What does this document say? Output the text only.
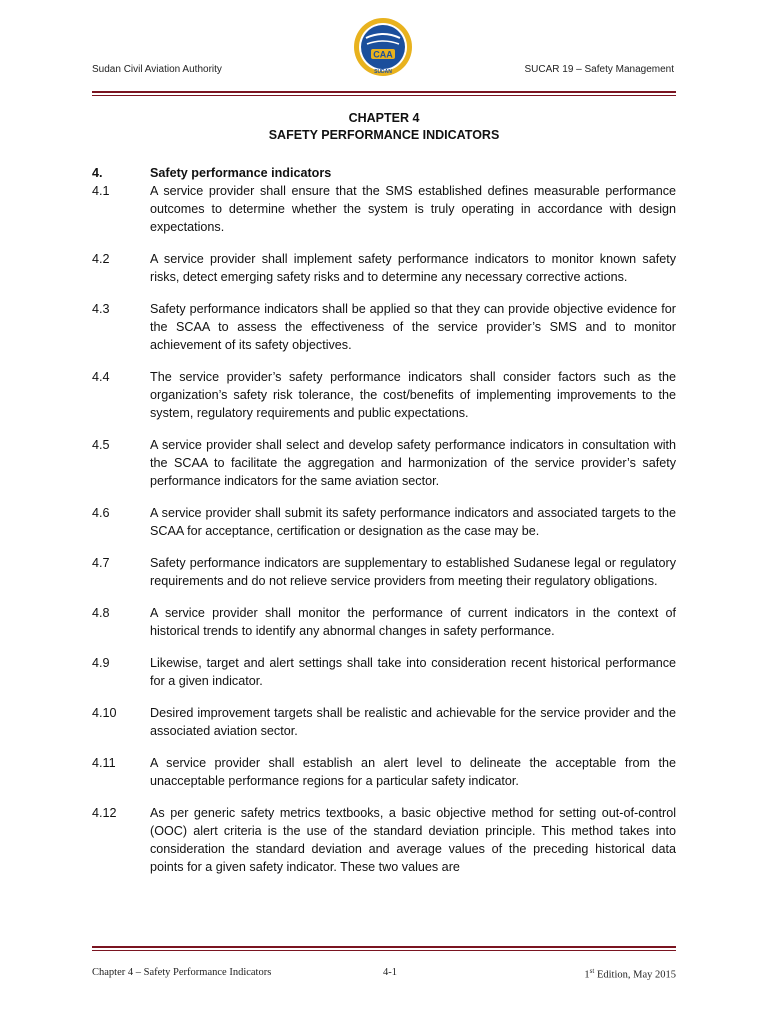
Sudan Civil Aviation Authority
CAA
SUDAN	SUCAR 19 – Safety Management
CHAPTER 4
SAFETY PERFORMANCE INDICATORS
4.	Safety performance indicators
4.1	A service provider shall ensure that the SMS established defines measurable performance outcomes to determine whether the system is truly operating in accordance with design expectations.
4.2	A service provider shall implement safety performance indicators to monitor known safety risks, detect emerging safety risks and to determine any necessary corrective actions.
4.3	Safety performance indicators shall be applied so that they can provide objective evidence for the SCAA to assess the effectiveness of the service provider’s SMS and to monitor achievement of its safety objectives.
4.4	The service provider’s safety performance indicators shall consider factors such as the organization’s safety risk tolerance, the cost/benefits of implementing improvements to the system, regulatory requirements and public expectations.
4.5	A service provider shall select and develop safety performance indicators in consultation with the SCAA to facilitate the aggregation and harmonization of the service provider’s safety performance indicators for the same aviation sector.
4.6	A service provider shall submit its safety performance indicators and associated targets to the SCAA for acceptance, certification or designation as the case may be.
4.7	Safety performance indicators are supplementary to established Sudanese legal or regulatory requirements and do not relieve service providers from meeting their regulatory obligations.
4.8	A service provider shall monitor the performance of current indicators in the context of historical trends to identify any abnormal changes in safety performance.
4.9	Likewise, target and alert settings shall take into consideration recent historical performance for a given indicator.
4.10	Desired improvement targets shall be realistic and achievable for the service provider and the associated aviation sector.
4.11	A service provider shall establish an alert level to delineate the acceptable from the unacceptable performance regions for a particular safety indicator.
4.12	As per generic safety metrics textbooks, a basic objective method for setting out-of-control (OOC) alert criteria is the use of the standard deviation principle. This method takes into consideration the standard deviation and average values of the preceding historical data points for a given safety indicator. These two values are
Chapter 4 – Safety Performance Indicators	4-1	1st Edition, May 2015
